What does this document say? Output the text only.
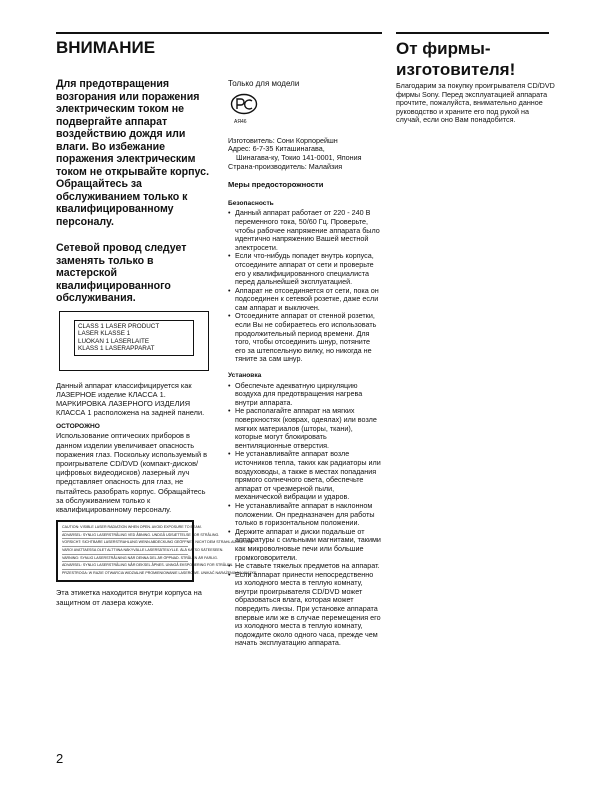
ВНИМАНИЕ	От фирмы-изготовителя!

Для предотвращения возгорания или поражения электрическим током не подвергайте аппарат воздействию дождя или влаги. Во избежание поражения электрическим током не открывайте корпус. Обращайтесь за обслуживанием только к квалифицированному персоналу.

Сетевой провод следует заменять только в мастерской квалифицированного обслуживания.

CLASS 1 LASER PRODUCT
LASER KLASSE 1
LUOKAN 1 LASERLAITE
KLASS 1 LASERAPPARAT

Данный аппарат классифицируется как ЛАЗЕРНОЕ изделие КЛАССА 1. МАРКИРОВКА ЛАЗЕРНОГО ИЗДЕЛИЯ КЛАССА 1 расположена на задней панели.

ОСТОРОЖНО

Использование оптических приборов в данном изделии увеличивает опасность поражения глаз. Поскольку используемый в проигрывателе CD/DVD (компакт-дисков/цифровых видеодисков) лазерный луч представляет опасность для глаз, не пытайтесь разобрать корпус. Обращайтесь за обслуживанием только к квалифицированному персоналу.

CAUTION: VISIBLE LASER RADIATION WHEN OPEN. AVOID EXPOSURE TO BEAM.
ADVARSEL: SYNLIG LASERSTRÅLING VED ÅBNING. UNDGÅ UDSÆTTELSE FOR STRÅLING.
VORSICHT: SICHTBARE LASERSTRAHLUNG WENN ABDECKUNG GEÖFFNET. NICHT DEM STRAHL AUSSETZEN.
VARO! AVATTAESSA OLET ALTTIINA NÄKYVÄLLE LASERSÄTEILYLLE. ÄLÄ KATSO SÄTEESEEN.
VARNING: SYNLIG LASERSTRÅLNING NÄR DENNA DEL ÄR ÖPPNAD. STRÅLEN ÄR FARLIG.
ADVARSEL: SYNLIG LASERSTRÅLING NÅR DEKSEL ÅPNES. UNNGÅ EKSPONERING FOR STRÅLEN.
PRZESTROGA: W RAZIE OTWARCIA WIDZIALNE PROMIENIOWANIE LASEROWE. UNIKAĆ NARAŻENIA NA WIĄZKĘ.

Эта этикетка находится внутри корпуса на защитном от лазера кожухе.

Только для модели

АЯ46

Изготовитель: Сони Корпорейшн
Адрес: 6-7-35 Киташинагава,
Шинагава-ку, Токио 141-0001, Япония
Страна-производитель: Малайзия

Меры предосторожности

Безопасность

• Данный аппарат работает от 220 - 240 В переменного тока, 50/60 Гц. Проверьте, чтобы рабочее напряжение аппарата было идентично напряжению Вашей местной электросети.
• Если что-нибудь попадет внутрь корпуса, отсоедините аппарат от сети и проверьте его у квалифицированного специалиста перед дальнейшей эксплуатацией.
• Аппарат не отсоединяется от сети, пока он подсоединен к сетевой розетке, даже если сам аппарат и выключен.
• Отсоедините аппарат от стенной розетки, если Вы не собираетесь его использовать продолжительный период времени. Для того, чтобы отсоединить шнур, потяните его за штепсельную вилку, но никогда не тяните за сам шнур.

Установка

• Обеспечьте адекватную циркуляцию воздуха для предотвращения нагрева внутри аппарата.
• Не располагайте аппарат на мягких поверхностях (коврах, одеялах) или возле мягких материалов (шторы, ткани), которые могут блокировать вентиляционные отверстия.
• Не устанавливайте аппарат возле источников тепла, таких как радиаторы или воздуховоды, а также в местах попадания прямого солнечного света, обеспечьте аппарат от чрезмерной пыли, механической вибрации и ударов.
• Не устанавливайте аппарат в наклонном положении. Он предназначен для работы только в горизонтальном положении.
• Держите аппарат и диски подальше от аппаратуры с сильными магнитами, такими как микроволновые печи или большие громкоговорители.
• Не ставьте тяжелых предметов на аппарат.
• Если аппарат принести непосредственно из холодного места в теплую комнату, внутри проигрывателя CD/DVD может образоваться влага, которая может повредить линзы. При установке аппарата впервые или же в случае перемещения его из холодного места в теплую комнату, подождите около одного часа, прежде чем начать эксплуатацию аппарата.

Благодарим за покупку проигрывателя CD/DVD фирмы Sony. Перед эксплуатацией аппарата прочтите, пожалуйста, внимательно данное руководство и храните его под рукой на случай, если оно Вам понадобится.

2
